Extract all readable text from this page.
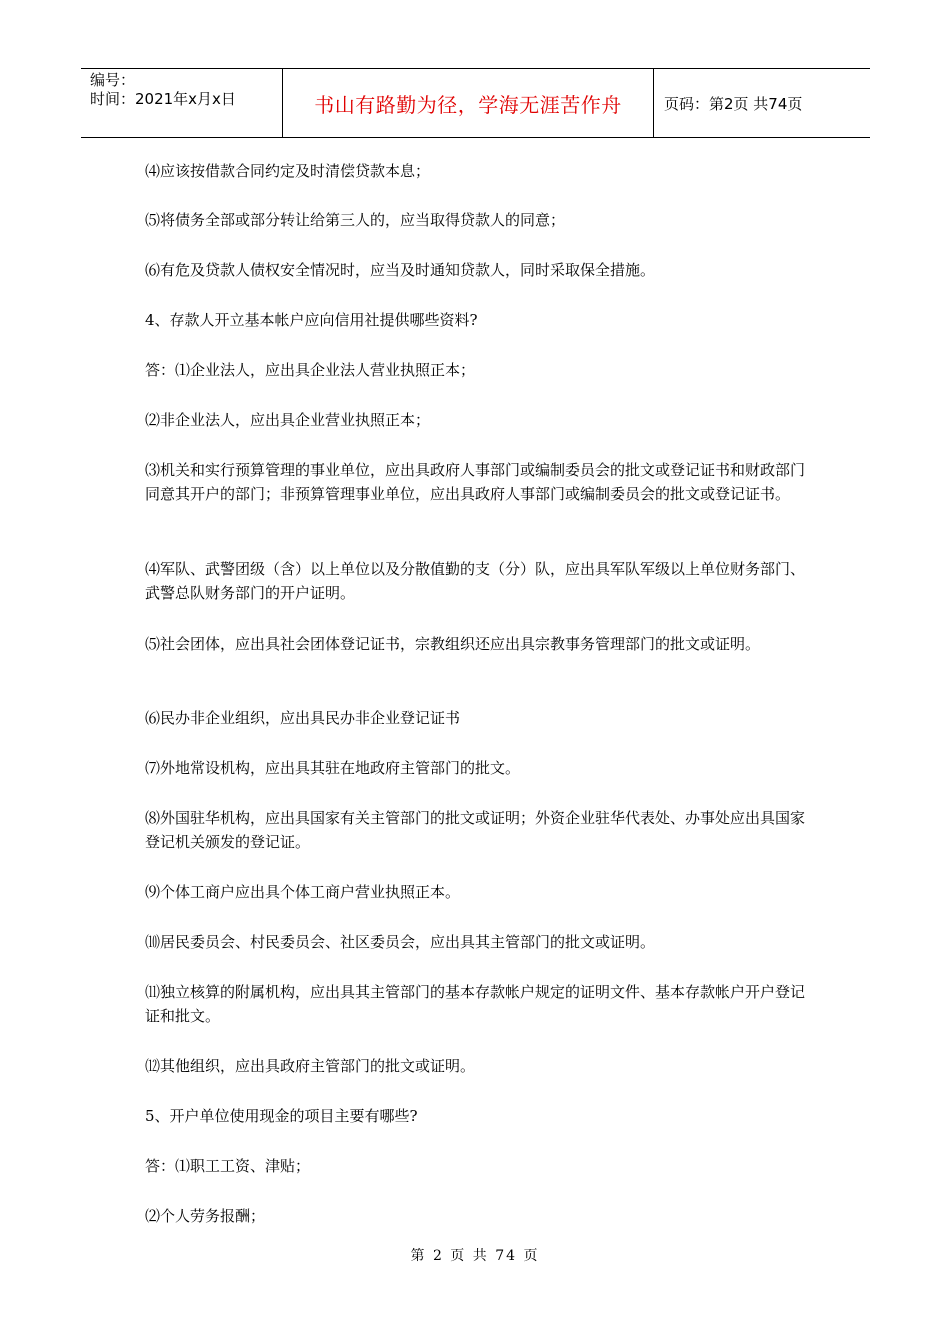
编号：
时间：2021年x月x日	书山有路勤为径，学海无涯苦作舟	页码：第2页 共74页

⑷应该按借款合同约定及时清偿贷款本息；

⑸将债务全部或部分转让给第三人的，应当取得贷款人的同意；

⑹有危及贷款人债权安全情况时，应当及时通知贷款人，同时采取保全措施。

4、存款人开立基本帐户应向信用社提供哪些资料?

答：⑴企业法人，应出具企业法人营业执照正本；

⑵非企业法人，应出具企业营业执照正本；

⑶机关和实行预算管理的事业单位，应出具政府人事部门或编制委员会的批文或登记证书和财政部门同意其开户的部门；非预算管理事业单位，应出具政府人事部门或编制委员会的批文或登记证书。

⑷军队、武警团级（含）以上单位以及分散值勤的支（分）队，应出具军队军级以上单位财务部门、武警总队财务部门的开户证明。

⑸社会团体，应出具社会团体登记证书，宗教组织还应出具宗教事务管理部门的批文或证明。

⑹民办非企业组织，应出具民办非企业登记证书

⑺外地常设机构，应出具其驻在地政府主管部门的批文。

⑻外国驻华机构，应出具国家有关主管部门的批文或证明；外资企业驻华代表处、办事处应出具国家登记机关颁发的登记证。

⑼个体工商户应出具个体工商户营业执照正本。

⑽居民委员会、村民委员会、社区委员会，应出具其主管部门的批文或证明。

⑾独立核算的附属机构，应出具其主管部门的基本存款帐户规定的证明文件、基本存款帐户开户登记证和批文。

⑿其他组织，应出具政府主管部门的批文或证明。

5、开户单位使用现金的项目主要有哪些?

答：⑴职工工资、津贴；

⑵个人劳务报酬；

第 2 页 共 74 页
